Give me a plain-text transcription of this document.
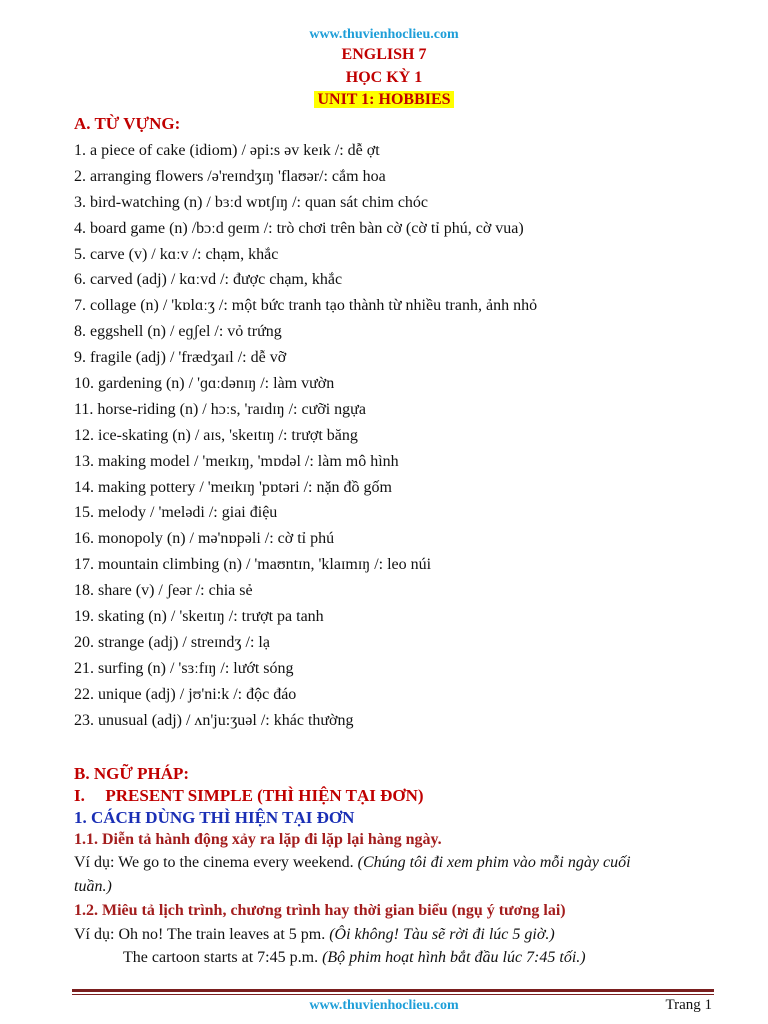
www.thuvienhoclieu.com
ENGLISH 7
HỌC KỲ 1
UNIT 1: HOBBIES
A. TỪ VỰNG:
1. a piece of cake (idiom) / əpi:s əv keɪk /: dễ ợt
2. arranging flowers /ə'reɪndʒɪŋ 'flaʊər/: cắm hoa
3. bird-watching (n) / bɜːd wɒtʃɪŋ /: quan sát chim chóc
4. board game (n) /bɔːd ɡeɪm /: trò chơi trên bàn cờ (cờ tỉ phú, cờ vua)
5. carve (v) / kɑːv /: chạm, khắc
6. carved (adj) / kɑːvd /: được chạm, khắc
7. collage (n) / 'kɒlɑːʒ /: một bức tranh tạo thành từ nhiều tranh, ảnh nhỏ
8. eggshell (n) / eɡʃel /: vỏ trứng
9. fragile (adj) / 'frædʒaɪl /: dễ vỡ
10. gardening (n) / 'ɡɑːdənɪŋ /: làm vườn
11. horse-riding (n) / hɔːs, 'raɪdɪŋ /: cưỡi ngựa
12. ice-skating (n) / aɪs, 'skeɪtɪŋ /: trượt băng
13. making model / 'meɪkɪŋ, 'mɒdəl /: làm mô hình
14. making pottery / 'meɪkɪŋ 'pɒtəri /: nặn đồ gốm
15. melody / 'melədi /: giai điệu
16. monopoly (n) / mə'nɒpəli /: cờ tỉ phú
17. mountain climbing (n) / 'maʊntɪn, 'klaɪmɪŋ /: leo núi
18. share (v) / ʃeər /: chia sẻ
19. skating (n) / 'skeɪtɪŋ /: trượt pa tanh
20. strange (adj) / streɪndʒ /: lạ
21. surfing (n) / 'sɜːfɪŋ /: lướt sóng
22. unique (adj) / jʊ'ni:k /: độc đáo
23. unusual (adj) / ʌn'ju:ʒuəl /: khác thường
B. NGỮ PHÁP:
I. PRESENT SIMPLE (THÌ HIỆN TẠI ĐƠN)
1. CÁCH DÙNG THÌ HIỆN TẠI ĐƠN
1.1. Diễn tả hành động xảy ra lặp đi lặp lại hàng ngày.
Ví dụ: We go to the cinema every weekend. (Chúng tôi đi xem phim vào mỗi ngày cuối
tuần.)
1.2. Miêu tả lịch trình, chương trình hay thời gian biểu (ngụ ý tương lai)
Ví dụ: Oh no! The train leaves at 5 pm. (Ôi không! Tàu sẽ rời đi lúc 5 giờ.)
The cartoon starts at 7:45 p.m. (Bộ phim hoạt hình bắt đầu lúc 7:45 tối.)
www.thuvienhoclieu.com	Trang 1
